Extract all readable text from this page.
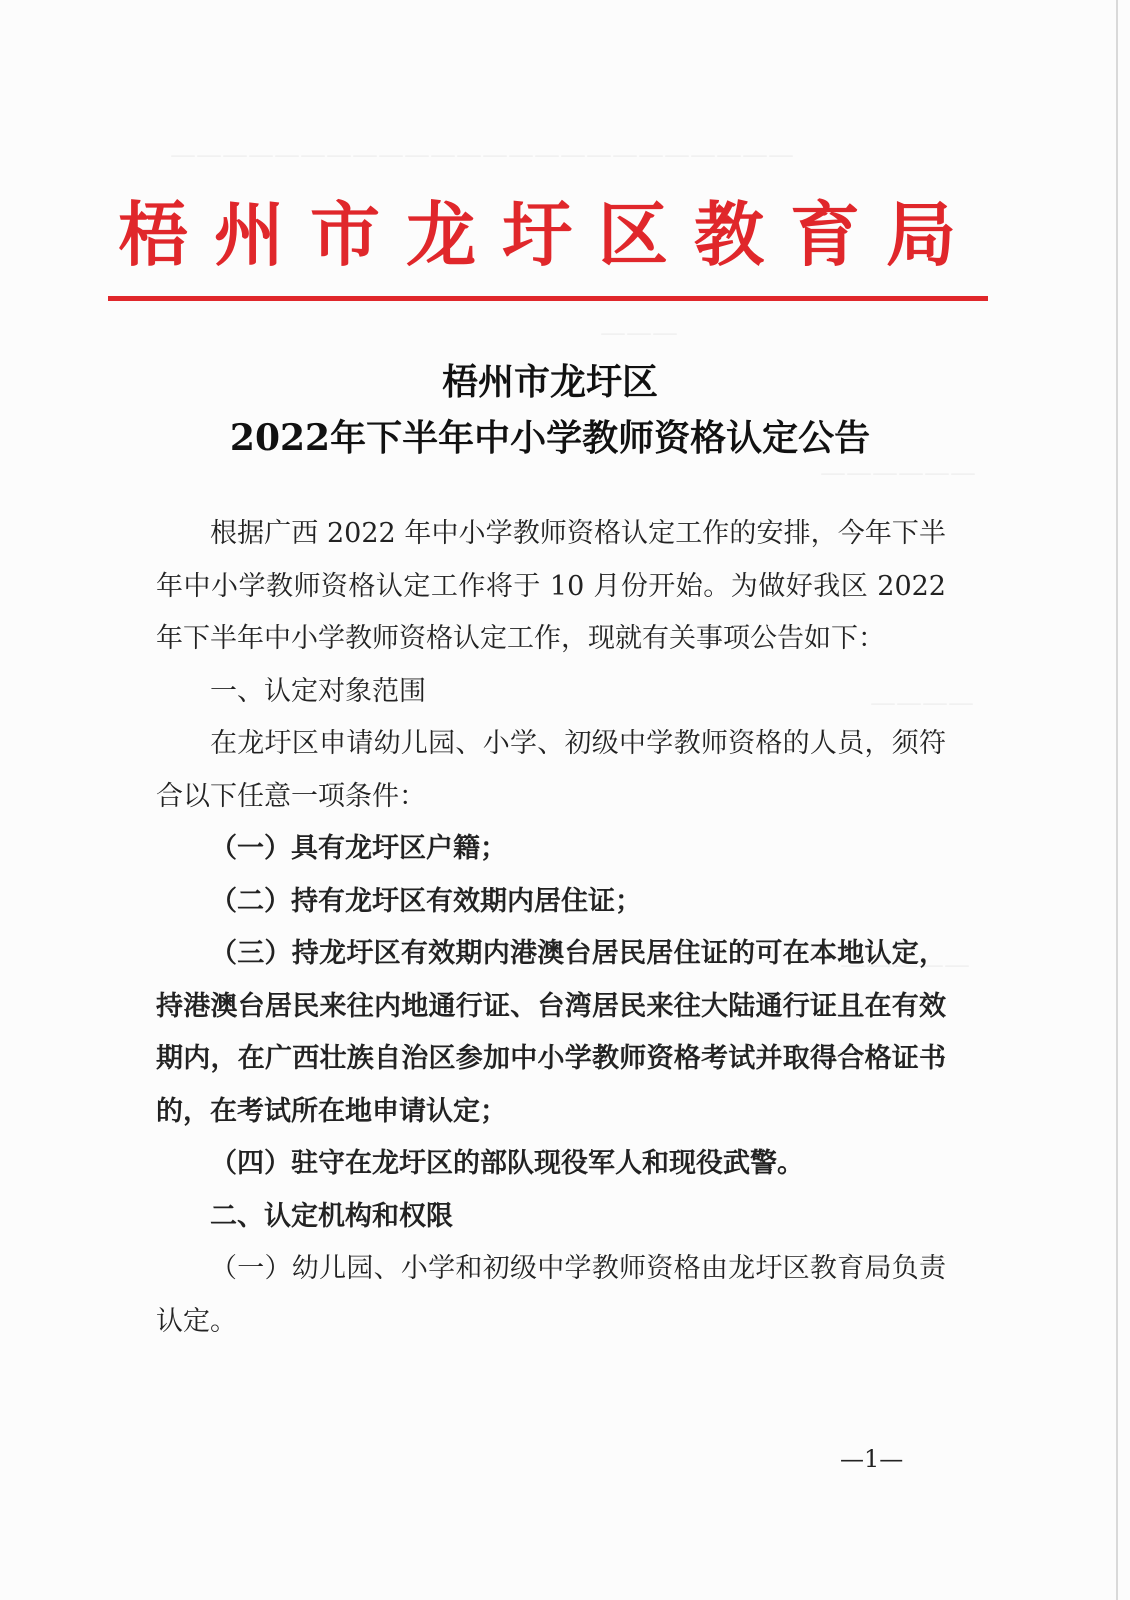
梧州市龙圩区教育局
梧州市龙圩区
2022年下半年中小学教师资格认定公告

根据广西 2022 年中小学教师资格认定工作的安排，今年下半年中小学教师资格认定工作将于 10 月份开始。为做好我区 2022 年下半年中小学教师资格认定工作，现就有关事项公告如下：

一、认定对象范围

在龙圩区申请幼儿园、小学、初级中学教师资格的人员，须符合以下任意一项条件：

（一）具有龙圩区户籍；

（二）持有龙圩区有效期内居住证；

（三）持龙圩区有效期内港澳台居民居住证的可在本地认定，持港澳台居民来往内地通行证、台湾居民来往大陆通行证且在有效期内，在广西壮族自治区参加中小学教师资格考试并取得合格证书的，在考试所在地申请认定；

（四）驻守在龙圩区的部队现役军人和现役武警。

二、认定机构和权限

（一）幼儿园、小学和初级中学教师资格由龙圩区教育局负责认定。

—1—
